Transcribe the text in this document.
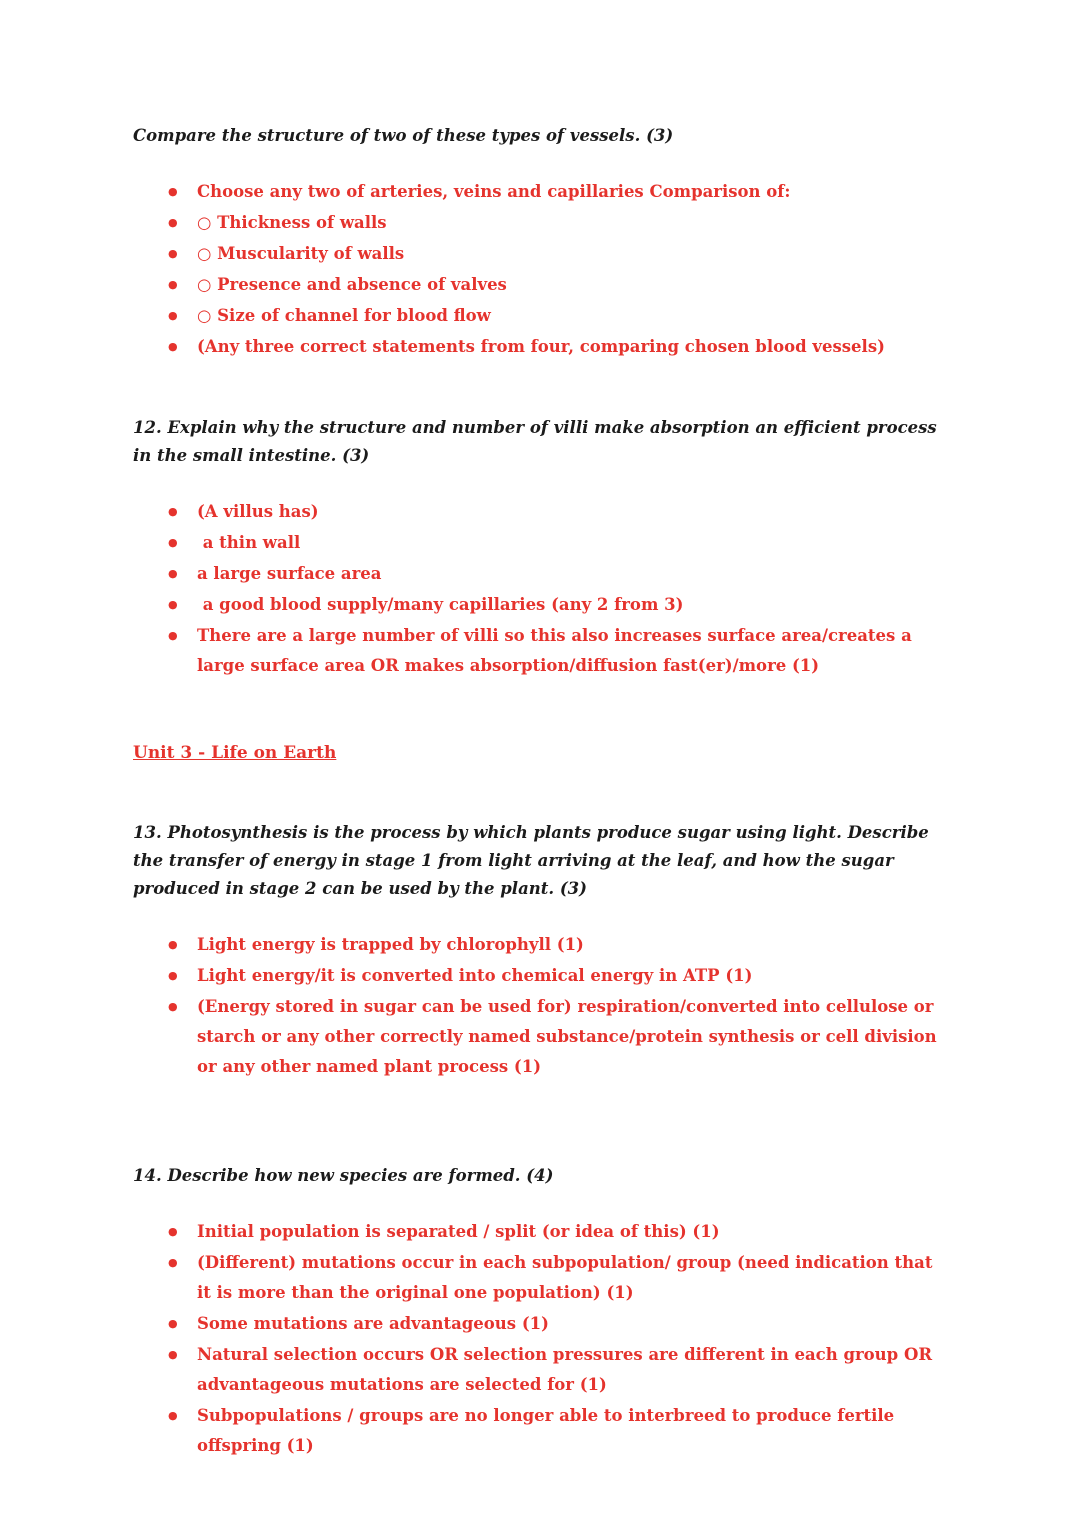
Compare the structure of two of these types of vessels. (3)

●	Choose any two of arteries, veins and capillaries Comparison of:
●	○ Thickness of walls
●	○ Muscularity of walls
●	○ Presence and absence of valves
●	○ Size of channel for blood flow
●	(Any three correct statements from four, comparing chosen blood vessels)

12. Explain why the structure and number of villi make absorption an efficient process in the small intestine. (3)

●	(A villus has)
●	a thin wall
●	a large surface area
●	a good blood supply/many capillaries (any 2 from 3)
●	There are a large number of villi so this also increases surface area/creates a large surface area OR makes absorption/diffusion fast(er)/more (1)
Unit 3 - Life on Earth

13. Photosynthesis is the process by which plants produce sugar using light. Describe the transfer of energy in stage 1 from light arriving at the leaf, and how the sugar produced in stage 2 can be used by the plant. (3)

●	Light energy is trapped by chlorophyll (1)
●	Light energy/it is converted into chemical energy in ATP (1)
●	(Energy stored in sugar can be used for) respiration/converted into cellulose or starch or any other correctly named substance/protein synthesis or cell division or any other named plant process (1)

14. Describe how new species are formed. (4)

●	Initial population is separated / split (or idea of this) (1)
●	(Different) mutations occur in each subpopulation/ group (need indication that it is more than the original one population) (1)
●	Some mutations are advantageous (1)
●	Natural selection occurs OR selection pressures are different in each group OR advantageous mutations are selected for (1)
●	Subpopulations / groups are no longer able to interbreed to produce fertile offspring (1)
